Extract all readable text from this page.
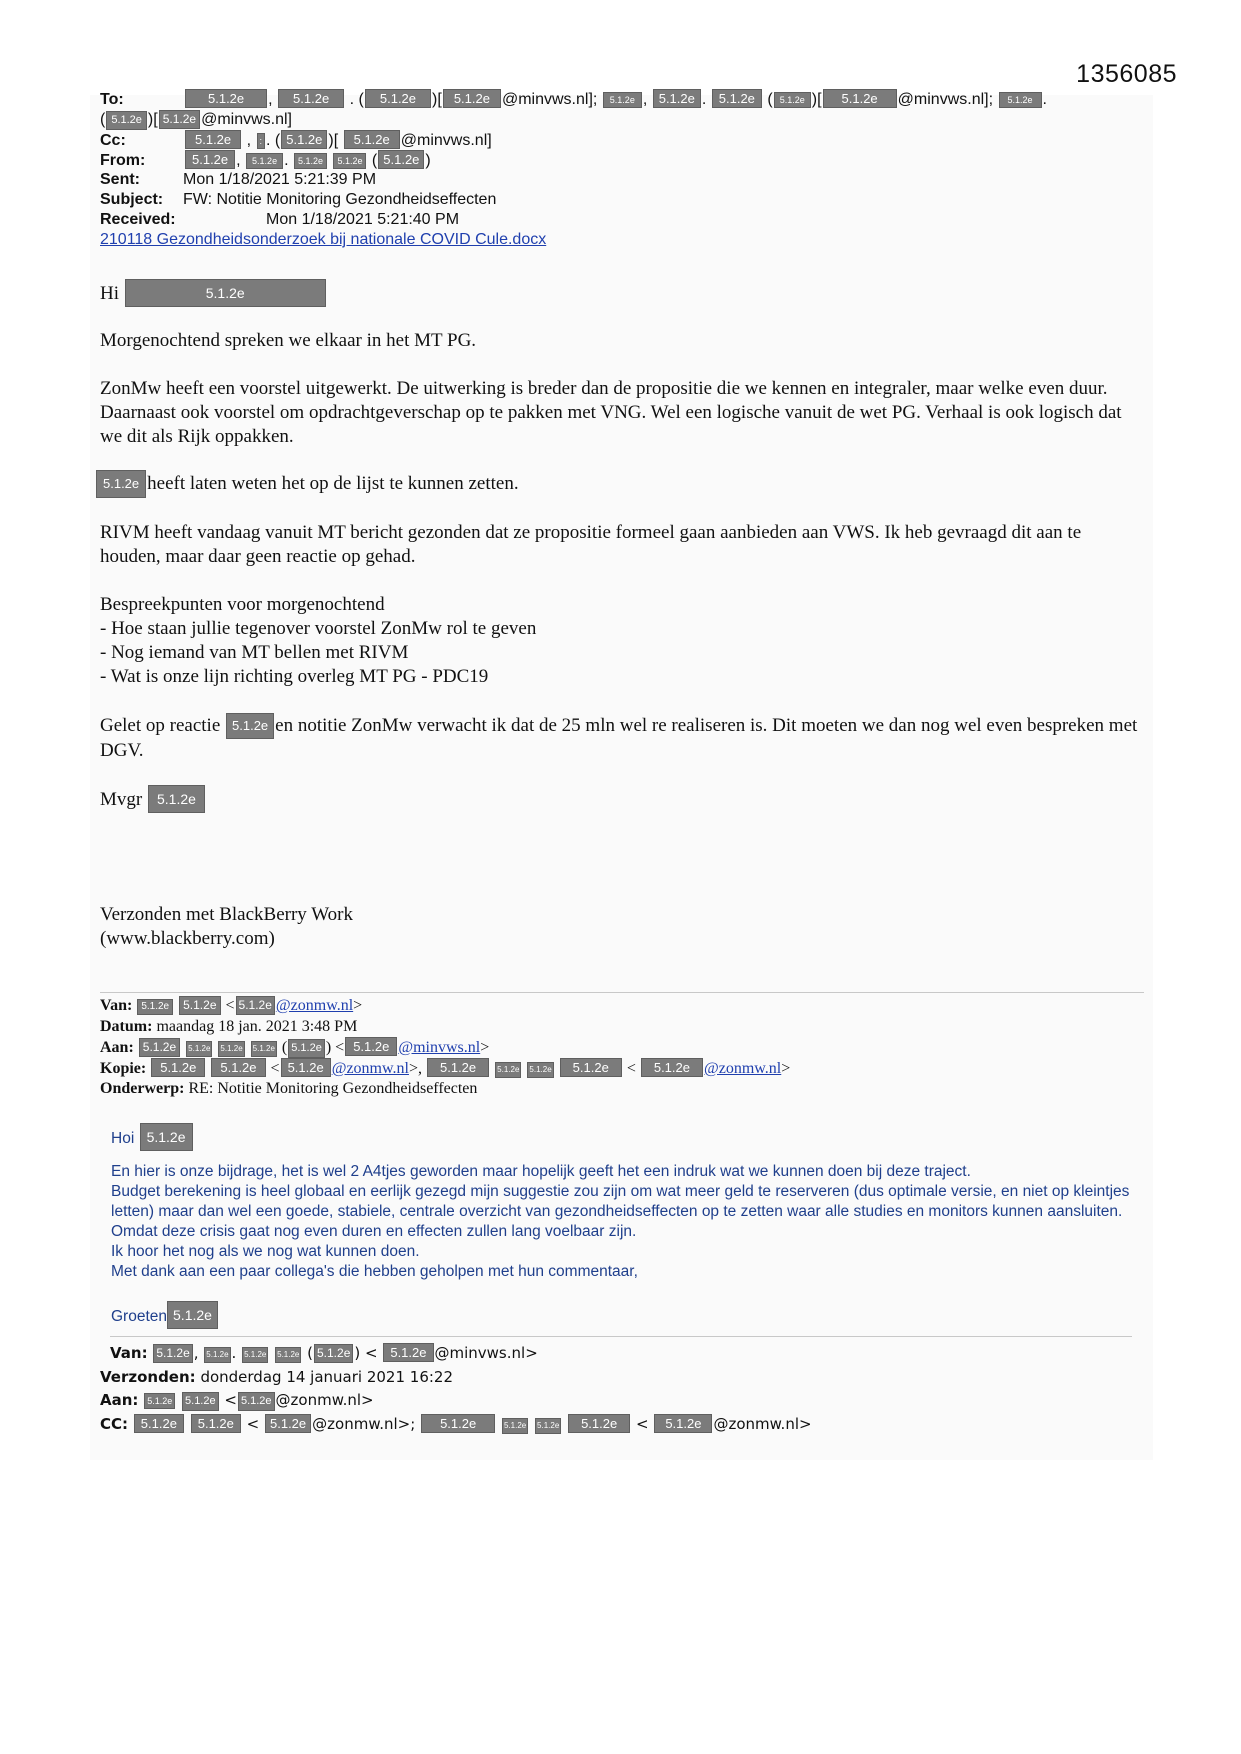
1356085
To:	5.1.2e , 5.1.2e . ( 5.1.2e )[ 5.1.2e @minvws.nl]; 5.1.2e , 5.1.2e . 5.1.2e ( 5.1.2e )[ 5.1.2e @minvws.nl]; 5.1.2e .
( 5.1.2e )[ 5.1.2e @minvws.nl]
Cc:	5.1.2e , : . ( 5.1.2e )[ 5.1.2e @minvws.nl]
From:	5.1.2e , 5.1.2e . 5.1.2e 5.1.2e ( 5.1.2e )
Sent:	Mon 1/18/2021 5:21:39 PM
Subject: FW: Notitie Monitoring Gezondheidseffecten
Received:	Mon 1/18/2021 5:21:40 PM
210118 Gezondheidsonderzoek bij nationale COVID Cule.docx
Hi	5.1.2e
Morgenochtend spreken we elkaar in het MT PG.
ZonMw heeft een voorstel uitgewerkt. De uitwerking is breder dan de propositie die we kennen en integraler, maar welke even duur. Daarnaast ook voorstel om opdrachtgeverschap op te pakken met VNG. Wel een logische vanuit de wet PG. Verhaal is ook logisch dat we dit als Rijk oppakken.
5.1.2e heeft laten weten het op de lijst te kunnen zetten.
RIVM heeft vandaag vanuit MT bericht gezonden dat ze propositie formeel gaan aanbieden aan VWS. Ik heb gevraagd dit aan te houden, maar daar geen reactie op gehad.
Bespreekpunten voor morgenochtend
- Hoe staan jullie tegenover voorstel ZonMw rol te geven
- Nog iemand van MT bellen met RIVM
- Wat is onze lijn richting overleg MT PG - PDC19
Gelet op reactie 5.1.2e en notitie ZonMw verwacht ik dat de 25 mln wel re realiseren is. Dit moeten we dan nog wel even bespreken met DGV.
Mvgr 5.1.2e
Verzonden met BlackBerry Work
(www.blackberry.com)
Van: 5.1.2e 5.1.2e < 5.1.2e @zonmw.nl>
Datum: maandag 18 jan. 2021 3:48 PM
Aan: 5.1.2e 5.1.2e 5.1.2e 5.1.2e ( 5.1.2e ) < 5.1.2e @minvws.nl>
Kopie: 5.1.2e 5.1.2e < 5.1.2e @zonmw.nl>, 5.1.2e	5.1.2e 5.1.2e 5.1.2e < 5.1.2e @zonmw.nl>
Onderwerp: RE: Notitie Monitoring Gezondheidseffecten
Hoi 5.1.2e
En hier is onze bijdrage, het is wel 2 A4tjes geworden maar hopelijk geeft het een indruk wat we kunnen doen bij deze traject.
Budget berekening is heel globaal en eerlijk gezegd mijn suggestie zou zijn om wat meer geld te reserveren (dus optimale versie, en niet op kleintjes letten) maar dan wel een goede, stabiele, centrale overzicht van gezondheidseffecten op te zetten waar alle studies en monitors kunnen aansluiten. Omdat deze crisis gaat nog even duren en effecten zullen lang voelbaar zijn.
Ik hoor het nog als we nog wat kunnen doen.
Met dank aan een paar collega's die hebben geholpen met hun commentaar,
Groeten 5.1.2e
Van: 5.1.2e , 5.1.2e . 5.1.2e 5.1.2e ( 5.1.2e ) < 5.1.2e @minvws.nl>
Verzonden: donderdag 14 januari 2021 16:22
Aan: 5.1.2e 5.1.2e < 5.1.2e @zonmw.nl>
CC: 5.1.2e 5.1.2e < 5.1.2e @zonmw.nl>; 5.1.2e	5.1.2e 5.1.2e 5.1.2e < 5.1.2e @zonmw.nl>
